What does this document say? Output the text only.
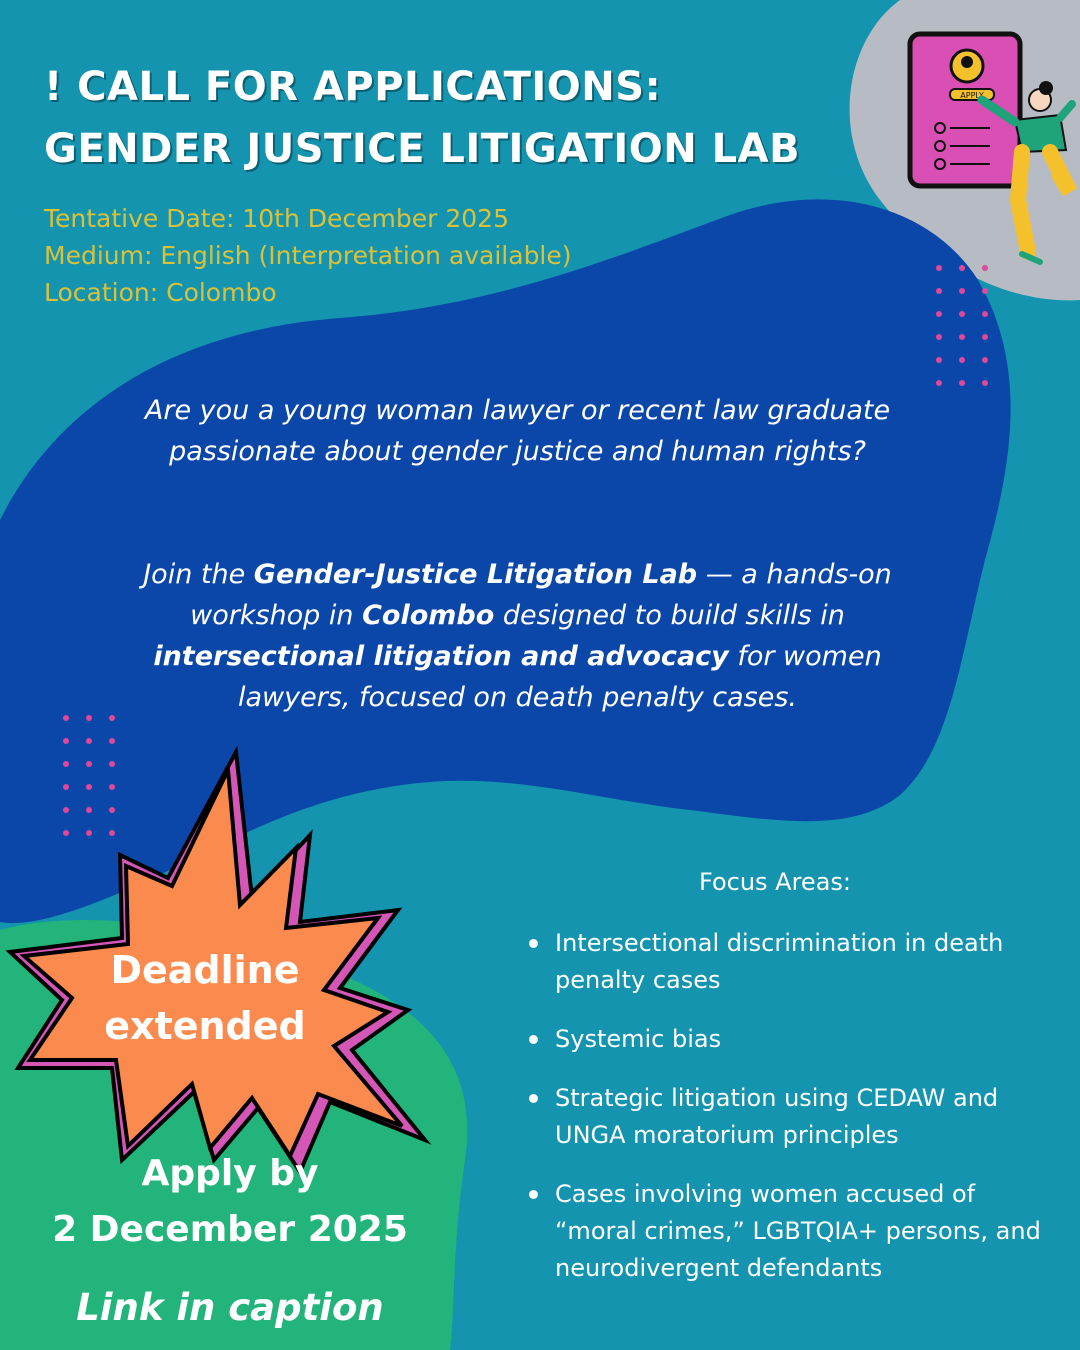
APPLY
! CALL FOR APPLICATIONS:
GENDER JUSTICE LITIGATION LAB
Tentative Date: 10th December 2025
Medium: English (Interpretation available)
Location: Colombo

Are you a young woman lawyer or recent law graduate passionate about gender justice and human rights?

Join the Gender-Justice Litigation Lab — a hands-on workshop in Colombo designed to build skills in intersectional litigation and advocacy for women lawyers, focused on death penalty cases.

Deadline
extended
Apply by
2 December 2025
Link in caption
Focus Areas:
Intersectional discrimination in death penalty cases
Systemic bias
Strategic litigation using CEDAW and UNGA moratorium principles
Cases involving women accused of “moral crimes,” LGBTQIA+ persons, and neurodivergent defendants
